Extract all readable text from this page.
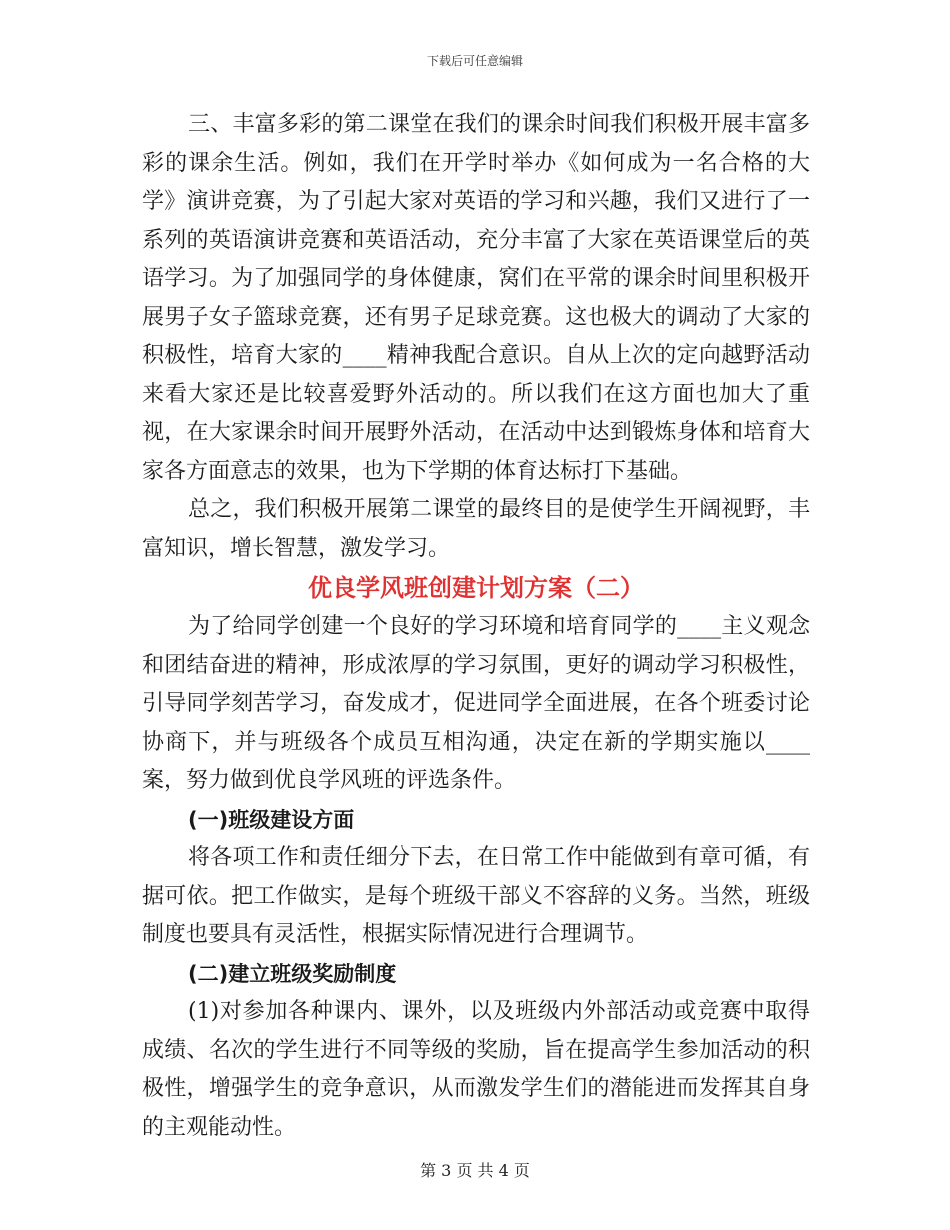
下载后可任意编辑

三、丰富多彩的第二课堂在我们的课余时间我们积极开展丰富多彩的课余生活。例如，我们在开学时举办《如何成为一名合格的大学》演讲竞赛，为了引起大家对英语的学习和兴趣，我们又进行了一系列的英语演讲竞赛和英语活动，充分丰富了大家在英语课堂后的英语学习。为了加强同学的身体健康，窝们在平常的课余时间里积极开展男子女子篮球竞赛，还有男子足球竞赛。这也极大的调动了大家的积极性，培育大家的____精神我配合意识。自从上次的定向越野活动来看大家还是比较喜爱野外活动的。所以我们在这方面也加大了重视，在大家课余时间开展野外活动，在活动中达到锻炼身体和培育大家各方面意志的效果，也为下学期的体育达标打下基础。

总之，我们积极开展第二课堂的最终目的是使学生开阔视野，丰富知识，增长智慧，激发学习。

优良学风班创建计划方案（二）

为了给同学创建一个良好的学习环境和培育同学的____主义观念和团结奋进的精神，形成浓厚的学习氛围，更好的调动学习积极性，引导同学刻苦学习，奋发成才，促进同学全面进展，在各个班委讨论协商下，并与班级各个成员互相沟通，决定在新的学期实施以____案，努力做到优良学风班的评选条件。

(一)班级建设方面

将各项工作和责任细分下去，在日常工作中能做到有章可循，有据可依。把工作做实，是每个班级干部义不容辞的义务。当然，班级制度也要具有灵活性，根据实际情况进行合理调节。

(二)建立班级奖励制度

(1)对参加各种课内、课外，以及班级内外部活动或竞赛中取得成绩、名次的学生进行不同等级的奖励，旨在提高学生参加活动的积极性，增强学生的竞争意识，从而激发学生们的潜能进而发挥其自身的主观能动性。

第 3 页 共 4 页
